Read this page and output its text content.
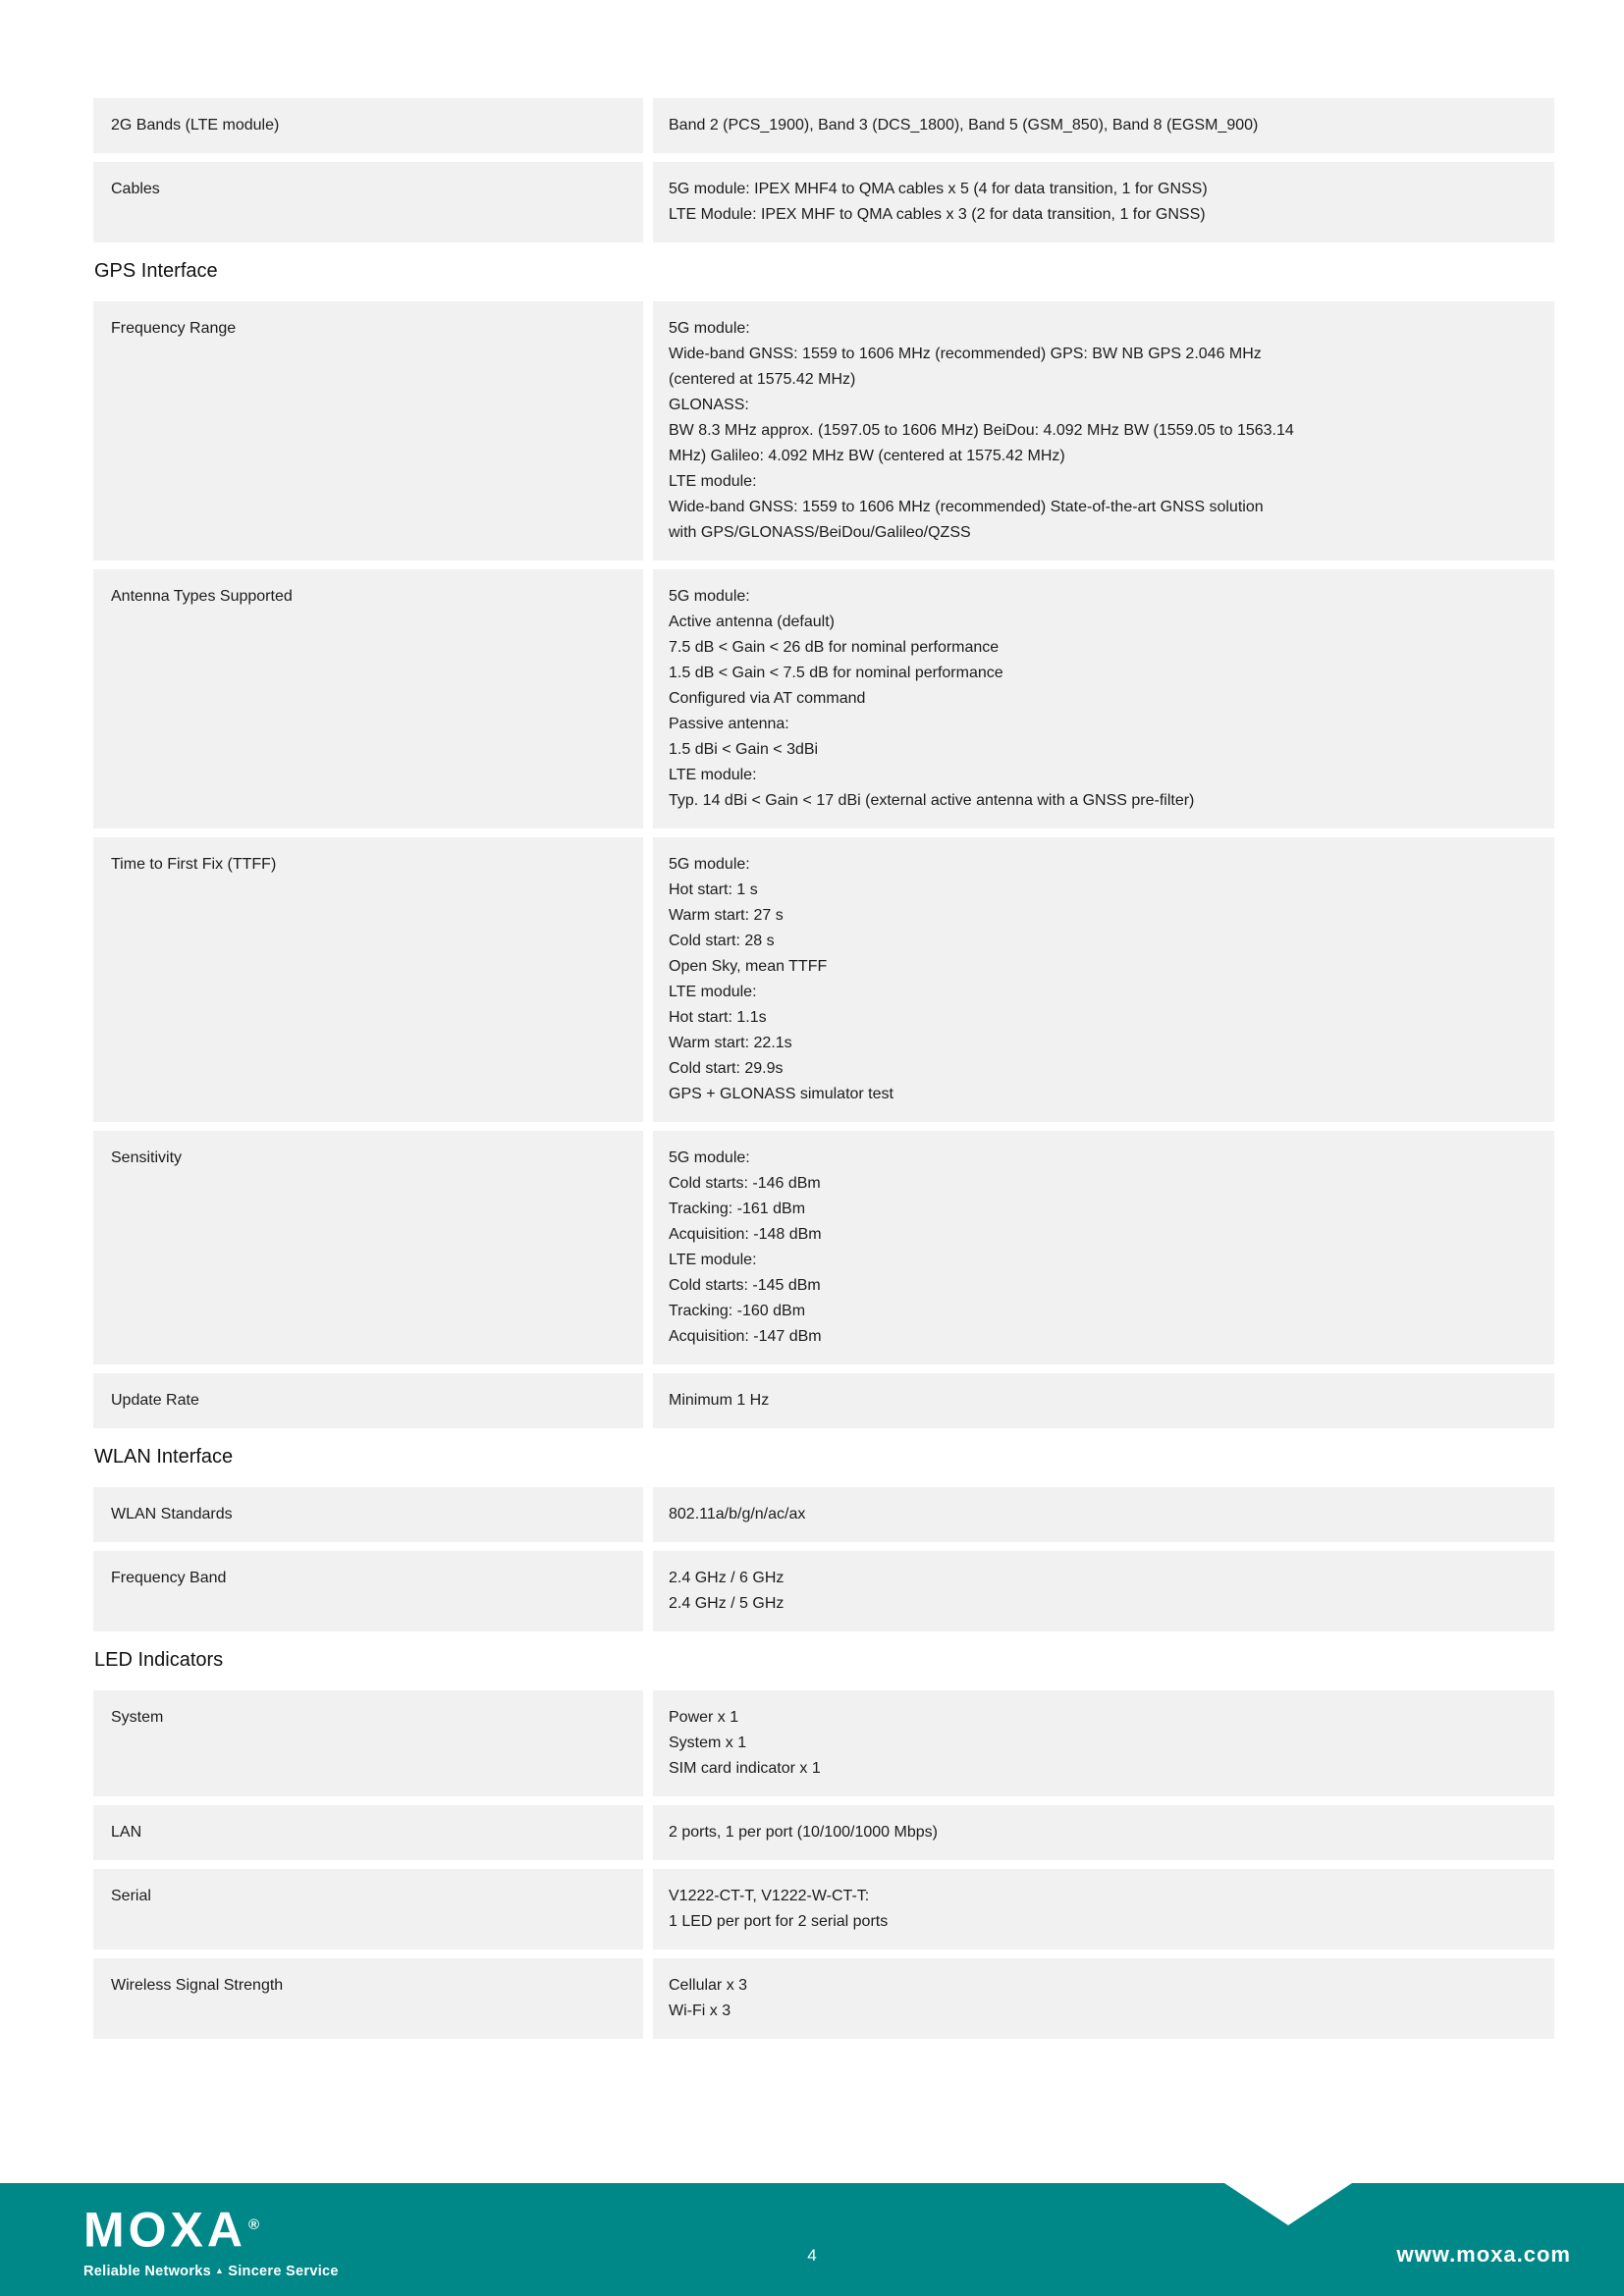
2G Bands (LTE module)	Band 2 (PCS_1900), Band 3 (DCS_1800), Band 5 (GSM_850), Band 8 (EGSM_900)
Cables	5G module: IPEX MHF4 to QMA cables x 5 (4 for data transition, 1 for GNSS)
LTE Module: IPEX MHF to QMA cables x 3 (2 for data transition, 1 for GNSS)
GPS Interface
Frequency Range	5G module:
Wide-band GNSS: 1559 to 1606 MHz (recommended) GPS: BW NB GPS 2.046 MHz
(centered at 1575.42 MHz)
GLONASS:
BW 8.3 MHz approx. (1597.05 to 1606 MHz) BeiDou: 4.092 MHz BW (1559.05 to 1563.14
MHz) Galileo: 4.092 MHz BW (centered at 1575.42 MHz)
LTE module:
Wide-band GNSS: 1559 to 1606 MHz (recommended) State-of-the-art GNSS solution
with GPS/GLONASS/BeiDou/Galileo/QZSS
Antenna Types Supported	5G module:
Active antenna (default)
7.5 dB < Gain < 26 dB for nominal performance
1.5 dB < Gain < 7.5 dB for nominal performance
Configured via AT command
Passive antenna:
1.5 dBi < Gain < 3dBi
LTE module:
Typ. 14 dBi < Gain < 17 dBi (external active antenna with a GNSS pre-filter)
Time to First Fix (TTFF)	5G module:
Hot start: 1 s
Warm start: 27 s
Cold start: 28 s
Open Sky, mean TTFF
LTE module:
Hot start: 1.1s
Warm start: 22.1s
Cold start: 29.9s
GPS + GLONASS simulator test
Sensitivity	5G module:
Cold starts: -146 dBm
Tracking: -161 dBm
Acquisition: -148 dBm
LTE module:
Cold starts: -145 dBm
Tracking: -160 dBm
Acquisition: -147 dBm
Update Rate	Minimum 1 Hz
WLAN Interface
WLAN Standards	802.11a/b/g/n/ac/ax
Frequency Band	2.4 GHz / 6 GHz
2.4 GHz / 5 GHz
LED Indicators
System	Power x 1
System x 1
SIM card indicator x 1
LAN	2 ports, 1 per port (10/100/1000 Mbps)
Serial	V1222-CT-T, V1222-W-CT-T:
1 LED per port for 2 serial ports
Wireless Signal Strength	Cellular x 3
Wi-Fi x 3
MOXA ®
Reliable Networks ▲ Sincere Service
4	www.moxa.com
